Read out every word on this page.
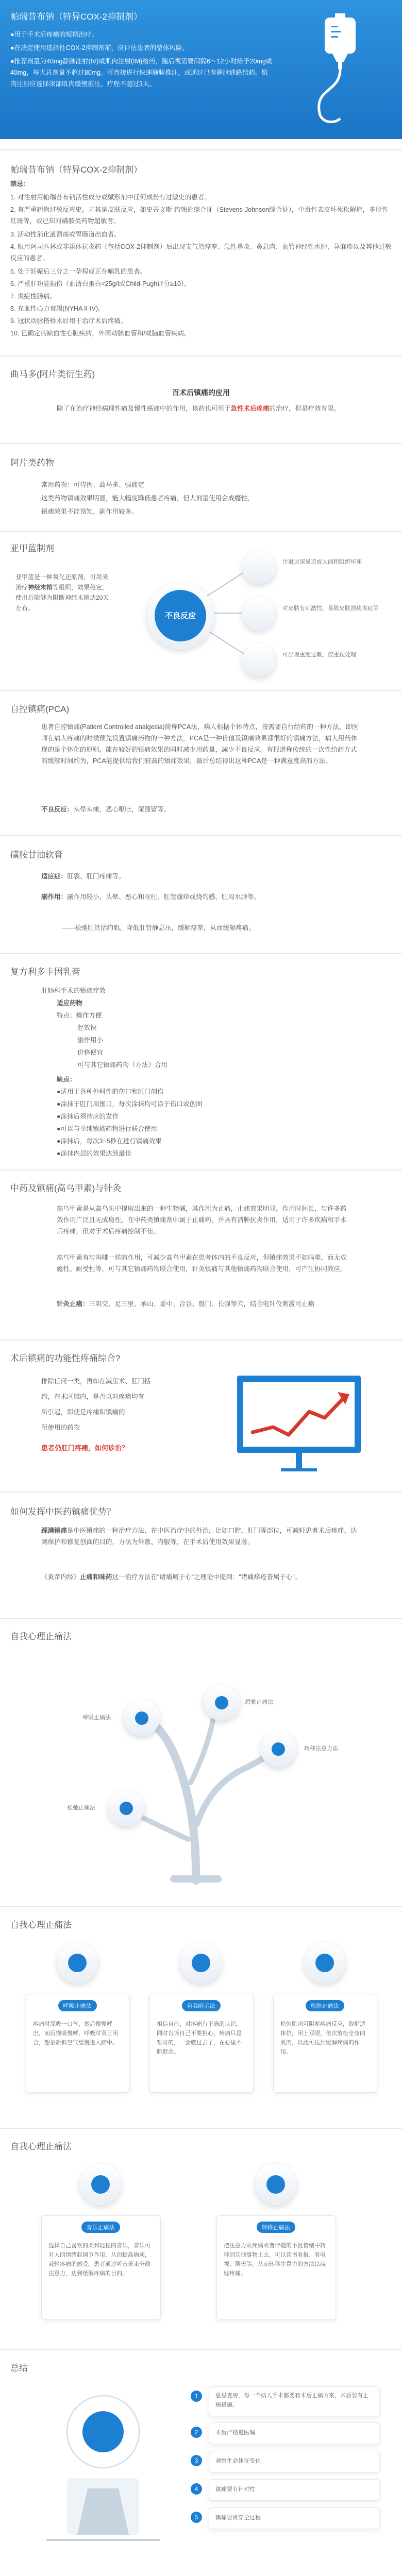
帕瑞昔布钠（特异COX-2抑制剂）
●用于手术后疼痛的短期治疗。
●在决定使用选择性COX-2抑制剂前，应评估患者的整体风险。
●推荐剂量为40mg静脉注射(IV)或肌肉注射(IM)给药，随后视需要间隔6～12小时给予20mg或40mg，每天总剂量不超过80mg。可直接进行快速静脉推注，或通过已有静脉通路给药。肌肉注射应选择深部肌肉缓慢推注。疗程不超过3天。
帕瑞昔布钠（特异COX-2抑制剂）
禁忌：
1. 对注射用帕瑞昔布钠活性成分或赋形剂中任何成份有过敏史的患者。
2. 有严重药物过敏反应史，尤其是皮肤反应，如史蒂文斯-约翰逊综合征（Stevens-Johnson综合征），中毒性表皮坏死松解症，多形性红斑等，或已知对磺胺类药物超敏者。
3. 活动性消化道溃疡或胃肠道出血者。
4. 服用阿司匹林或非甾体抗炎药（包括COX-2抑制剂）后出现支气管痉挛、急性鼻炎、鼻息肉、血管神经性水肿、荨麻疹以及其他过敏反应的患者。
5. 处于妊娠后三分之一孕程或正在哺乳的患者。
6. 严重肝功能损伤（血清白蛋白<25g/l或Child-Pugh评分≥10）。
7. 炎症性肠病。
8. 充血性心力衰竭(NYHA II-IV)。
9. 冠状动脉搭桥术后用于治疗术后疼痛。
10. 已确定的缺血性心脏疾病，外周动脉血管和/或脑血管疾病。
曲马多(阿片类衍生药)
百术后镇痛的应用
除了在治疗神经病理性痛及慢性癌痛中的作用，该药也可用于急性术后疼痛的治疗，但是疗效有限。
阿片类药物
常用药物：可待因、曲马多、强痛定
这类药物镇痛效果明显，能大幅度降低患者疼痛，但大剂量使用会成瘾性，
镇痛效果不能预知，副作用较多。
亚甲蓝制剂
亚甲蓝是一种氧化还原剂，可用来治疗神经末梢等组织，效果稳定，使用后能够为阻断神经末梢达20天左右。
不良反应
注射过深易造成大面积组织坏死
对皮肤有刺激性，易致皮肤溃疡炎症等
可出现重度过敏，应重视处理
自控镇痛(PCA)
患者自控镇痛(Patient Controlled analgesia)简称PCA法，病人根据个体特点，按需要自行给药的一种方法，即医师在病人疼痛的时候预先设置镇痛药物的一种方法，PCA是一种价值及镇痛效果都很好的镇痛方法，病人用药体现的是个体化的原则，能在较好的镇痛效果的同时减少用药量，减少不良反应。有报道称传统的一次性给药方式的缓解时间约为，PCA能提供给我们较高的镇痛效果，最后总结得出这种PCA是一种满意度高的方法。
不良反应：头晕头痛，恶心呕吐，尿潴留等。
磺胺甘油软膏
适应症：肛裂、肛门疼痛等。
副作用：副作用较小，头晕、恶心和呕吐、肛管瘙痒或烧灼感、肛周水肿等。
——松弛肛管括约肌，降低肛管静息压，缓解痉挛，从而缓解疼痛。
复方利多卡因乳膏
肛肠科手术的镇痛疗效
适应药物
特点：操作方便
起效快
副作用小
价格便宜
可与其它镇痛药物（方法）合用
缺点：
●适用于各种外科性的伤口和肛门创伤
●涂抹于肛门周围口，每次涂抹均可涂于伤口或创面
●涂抹后须待应的发作
●可以与单纯镇痛药物进行联合使用
●涂抹后，每次3~5秒在进行镇痛效果
●涂抹内层的效果达到最佳
中药及镇痛(高乌甲素)与针灸
高乌甲素是从高乌头中提取出来的一种生物碱，其作用为止痛，止痛效果明显，作用时间长，与许多药效作用广泛且无成瘾性，在中药类镇痛剂中属于止痛药，并具有消肿抗炎作用，适用于许多疾病和手术后疼痛，但对于术后疼痛控制不佳。
高乌甲素有与吗啡一样的作用，可减少高乌甲素在患者体内的不良反应，但镇痛效果不如吗啡，而无成瘾性、耐受性等，可与其它镇痛药物联合使用，针灸镇痛与其他镇痛药物联合使用，可产生协同效应。
针灸止痛：三阴交、足三里、承山、委中、合谷、殷门、长强等穴，结合电针仪刺激可止痛
术后镇痛的功能性疼痛综合?
排除任何一类，再如在减压术、肛门括
约，在术区域内，是否以对疼痛均有
所引起，即使是疼痛和镇痛的
所使用的药物
患者仍肛门疼痛，如何诊治？
如何发挥中医药镇痛优势？
踩满镇痛是中医镇痛的一种治疗方法，在中医治疗中的外治，比如口腔、肛门等部位，可减轻患者术后疼痛，达到保护和修复创面的目的，方法为外敷、内服等，在手术后使用效果显著。
《黄帝内经》止痛和味药这一治疗方法在“诸痛属于心”之理论中提到：“诸痛痒疮皆属于心”。
自我心理止痛法
呼吸止痛法
想象止痛法
转移注意力法
松弛止痛法
自我心理止痛法
呼吸止痛法	自我暗示法	松弛止痛法
疼痛时深吸一口气，然后慢慢呼出，而后慢吸慢呼，呼吸时双目闭合，想象新鲜空气缓慢进入肺中。
相信自己，对疼痛有正确的认识，同时告诉自己不要担心，疼痛只是暂时的，一会就过去了，在心里不断默念。
松弛肌肉可阻断疼痛反应，取舒适体位，闭上双眼，依次放松全身的肌肉，以此可达到缓解疼痛的作用。
自我心理止痛法
音乐止痛法	转移止痛法
选择自己喜欢的柔和轻松的音乐，音乐可对人的情绪起调节作用，从而提高痛阈，减轻疼痛的感受。患者通过听音乐来分散注意力，达到缓解疼痛的目的。
把注意力从疼痛或者伴随的不良情绪中转移到其他事物上去，可以读书看报、看电视、聊天等，从而转移注意力的方法以减轻疼痛。
总结
1
2
3
4
5
恩思查房，每一个病人手术都要有术后止痛方案，术后要有止痛措施。
术后严格遵医嘱
观察生命体征变化
镇痛要有针对性
镇痛要贯穿全过程
